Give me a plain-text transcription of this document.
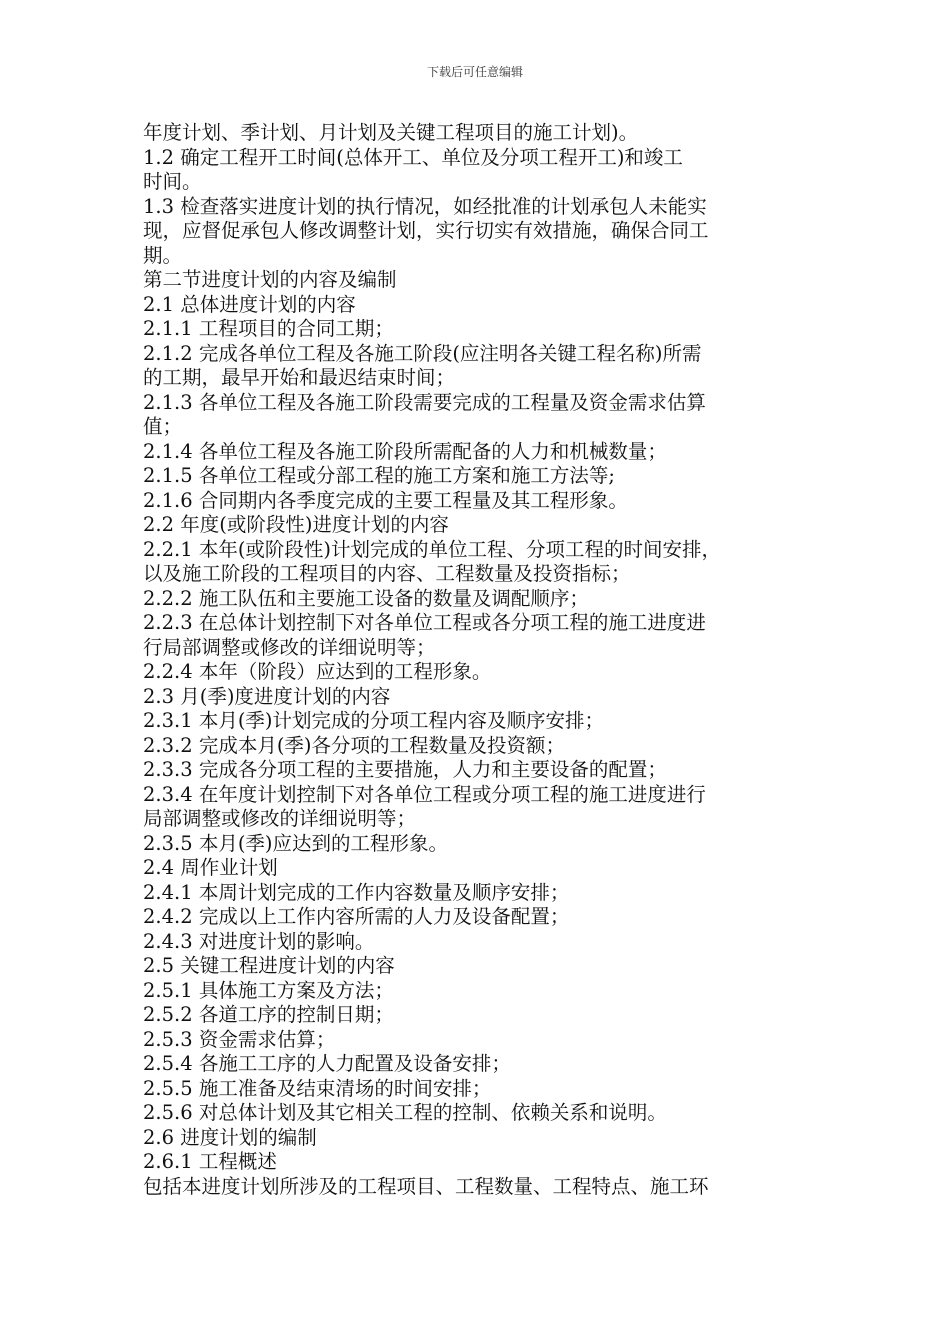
下载后可任意编辑
年度计划、季计划、月计划及关键工程项目的施工计划)。
1.2 确定工程开工时间(总体开工、单位及分项工程开工)和竣工
时间。
1.3 检查落实进度计划的执行情况，如经批准的计划承包人未能实
现，应督促承包人修改调整计划，实行切实有效措施，确保合同工
期。
第二节进度计划的内容及编制
2.1 总体进度计划的内容
2.1.1 工程项目的合同工期；
2.1.2 完成各单位工程及各施工阶段(应注明各关键工程名称)所需
的工期，最早开始和最迟结束时间；
2.1.3 各单位工程及各施工阶段需要完成的工程量及资金需求估算
值；
2.1.4 各单位工程及各施工阶段所需配备的人力和机械数量；
2.1.5 各单位工程或分部工程的施工方案和施工方法等;
2.1.6 合同期内各季度完成的主要工程量及其工程形象。
2.2 年度(或阶段性)进度计划的内容
2.2.1 本年(或阶段性)计划完成的单位工程、分项工程的时间安排，
以及施工阶段的工程项目的内容、工程数量及投资指标；
2.2.2 施工队伍和主要施工设备的数量及调配顺序；
2.2.3 在总体计划控制下对各单位工程或各分项工程的施工进度进
行局部调整或修改的详细说明等；
2.2.4 本年（阶段）应达到的工程形象。
2.3 月(季)度进度计划的内容
2.3.1 本月(季)计划完成的分项工程内容及顺序安排；
2.3.2 完成本月(季)各分项的工程数量及投资额；
2.3.3 完成各分项工程的主要措施，人力和主要设备的配置；
2.3.4 在年度计划控制下对各单位工程或分项工程的施工进度进行
局部调整或修改的详细说明等；
2.3.5 本月(季)应达到的工程形象。
2.4 周作业计划
2.4.1 本周计划完成的工作内容数量及顺序安排；
2.4.2 完成以上工作内容所需的人力及设备配置；
2.4.3 对进度计划的影响。
2.5 关键工程进度计划的内容
2.5.1 具体施工方案及方法；
2.5.2 各道工序的控制日期；
2.5.3 资金需求估算；
2.5.4 各施工工序的人力配置及设备安排；
2.5.5 施工准备及结束清场的时间安排；
2.5.6 对总体计划及其它相关工程的控制、依赖关系和说明。
2.6 进度计划的编制
2.6.1 工程概述
包括本进度计划所涉及的工程项目、工程数量、工程特点、施工环
